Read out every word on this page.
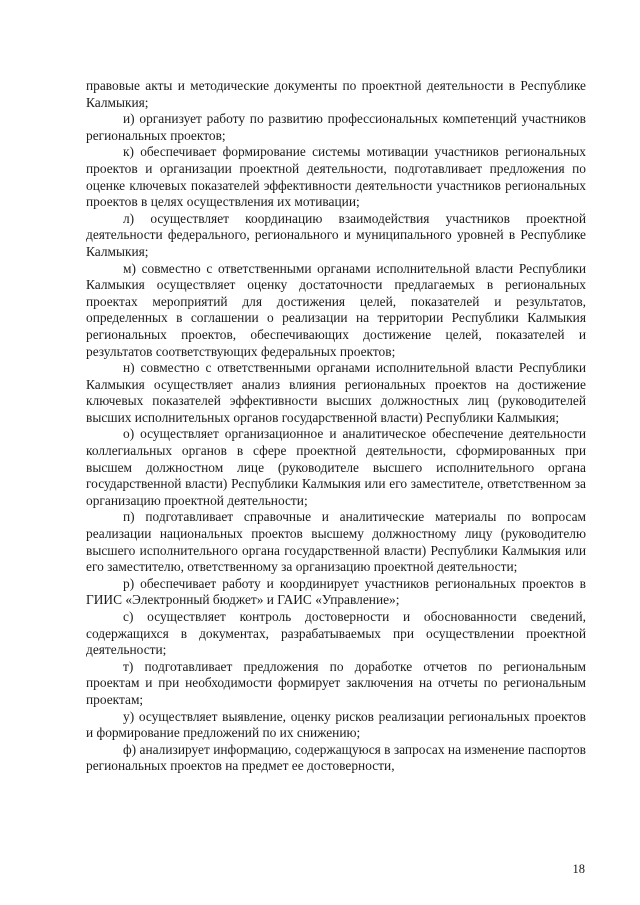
правовые акты и методические документы по проектной деятельности в Республике Калмыкия;

и) организует работу по развитию профессиональных компетенций участников региональных проектов;

к) обеспечивает формирование системы мотивации участников региональных проектов и организации проектной деятельности, подготавливает предложения по оценке ключевых показателей эффективности деятельности участников региональных проектов в целях осуществления их мотивации;

л) осуществляет координацию взаимодействия участников проектной деятельности федерального, регионального и муниципального уровней в Республике Калмыкия;

м) совместно с ответственными органами исполнительной власти Республики Калмыкия осуществляет оценку достаточности предлагаемых в региональных проектах мероприятий для достижения целей, показателей и результатов, определенных в соглашении о реализации на территории Республики Калмыкия региональных проектов, обеспечивающих достижение целей, показателей и результатов соответствующих федеральных проектов;

н) совместно с ответственными органами исполнительной власти Республики Калмыкия осуществляет анализ влияния региональных проектов на достижение ключевых показателей эффективности высших должностных лиц (руководителей высших исполнительных органов государственной власти) Республики Калмыкия;

о) осуществляет организационное и аналитическое обеспечение деятельности коллегиальных органов в сфере проектной деятельности, сформированных при высшем должностном лице (руководителе высшего исполнительного органа государственной власти) Республики Калмыкия или его заместителе, ответственном за организацию проектной деятельности;

п) подготавливает справочные и аналитические материалы по вопросам реализации национальных проектов высшему должностному лицу (руководителю высшего исполнительного органа государственной власти) Республики Калмыкия или его заместителю, ответственному за организацию проектной деятельности;

р) обеспечивает работу и координирует участников региональных проектов в ГИИС «Электронный бюджет» и ГАИС «Управление»;

с) осуществляет контроль достоверности и обоснованности сведений, содержащихся в документах, разрабатываемых при осуществлении проектной деятельности;

т) подготавливает предложения по доработке отчетов по региональным проектам и при необходимости формирует заключения на отчеты по региональным проектам;

у) осуществляет выявление, оценку рисков реализации региональных проектов и формирование предложений по их снижению;

ф) анализирует информацию, содержащуюся в запросах на изменение паспортов региональных проектов на предмет ее достоверности,

18
